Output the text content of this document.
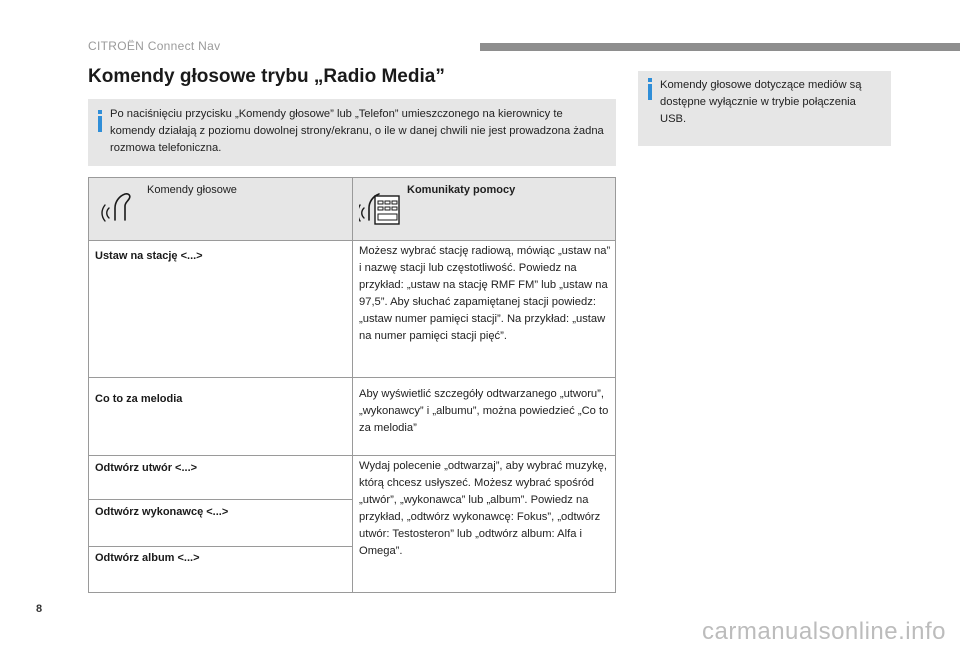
CITROËN Connect Nav
Komendy głosowe trybu „Radio Media”
Po naciśnięciu przycisku „Komendy głosowe” lub „Telefon” umieszczonego na kierownicy te komendy działają z poziomu dowolnej strony/ekranu, o ile w danej chwili nie jest prowadzona żadna rozmowa telefoniczna.
Komendy głosowe dotyczące mediów są dostępne wyłącznie w trybie połączenia USB.
Komendy głosowe	Komunikaty pomocy
Ustaw na stację <...>	Możesz wybrać stację radiową, mówiąc „ustaw na” i nazwę stacji lub częstotliwość. Powiedz na przykład: „ustaw na stację RMF FM” lub „ustaw na 97,5”. Aby słuchać zapamiętanej stacji powiedz: „ustaw numer pamięci stacji”. Na przykład: „ustaw na numer pamięci stacji pięć”.
Co to za melodia	Aby wyświetlić szczegóły odtwarzanego „utworu”, „wykonawcy” i „albumu”, można powiedzieć „Co to za melodia”
Odtwórz utwór <...>	Wydaj polecenie „odtwarzaj”, aby wybrać muzykę, którą chcesz usłyszeć. Możesz wybrać spośród „utwór”, „wykonawca” lub „album”. Powiedz na przykład, „odtwórz wykonawcę: Fokus”, „odtwórz utwór: Testosteron” lub „odtwórz album: Alfa i Omega”.
Odtwórz wykonawcę <...>
Odtwórz album <...>
8
carmanualsonline.info
